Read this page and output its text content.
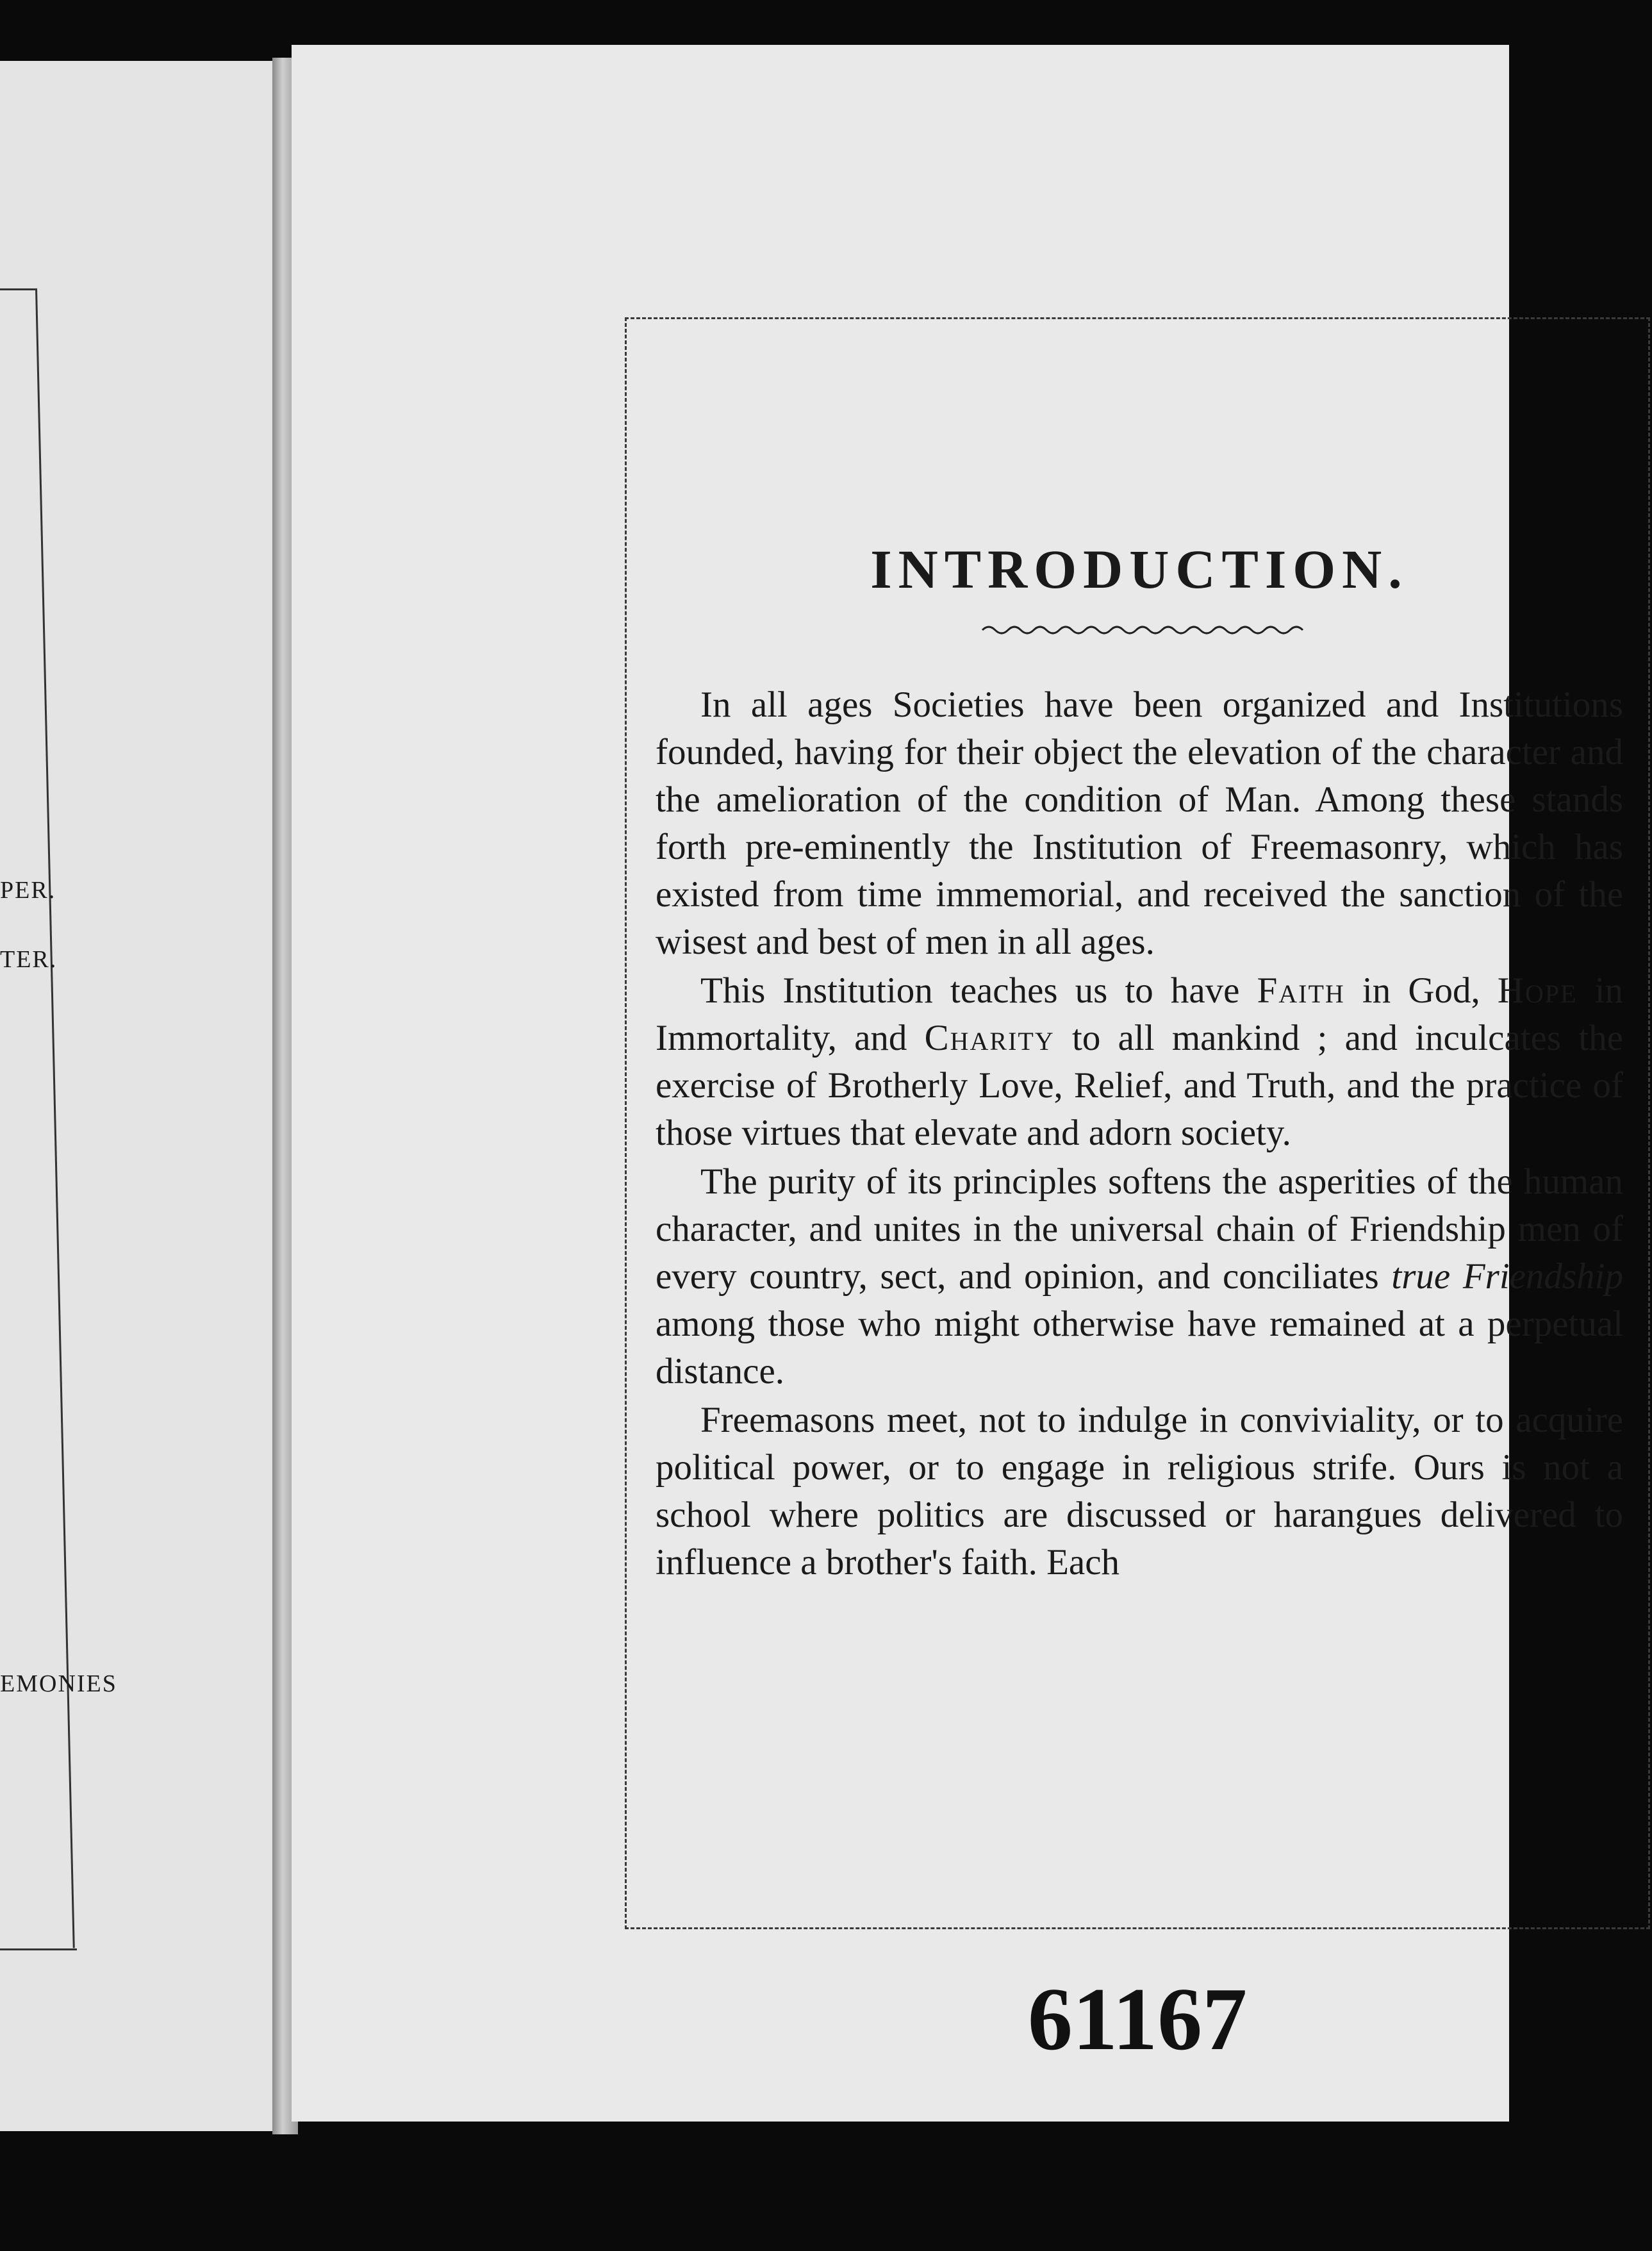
PER.
TER.
EMONIES
INTRODUCTION.

In all ages Societies have been organized and Institutions founded, having for their object the elevation of the character and the amelioration of the condition of Man. Among these stands forth pre-eminently the Institution of Freemasonry, which has existed from time immemorial, and received the sanction of the wisest and best of men in all ages.

This Institution teaches us to have Faith in God, Hope in Immortality, and Charity to all mankind ; and inculcates the exercise of Brotherly Love, Relief, and Truth, and the practice of those virtues that elevate and adorn society.

The purity of its principles softens the asperities of the human character, and unites in the universal chain of Friendship men of every country, sect, and opinion, and conciliates true Friendship among those who might otherwise have remained at a perpetual distance.

Freemasons meet, not to indulge in conviviality, or to acquire political power, or to engage in religious strife. Ours is not a school where politics are discussed or harangues delivered to influence a brother's faith. Each

61167
